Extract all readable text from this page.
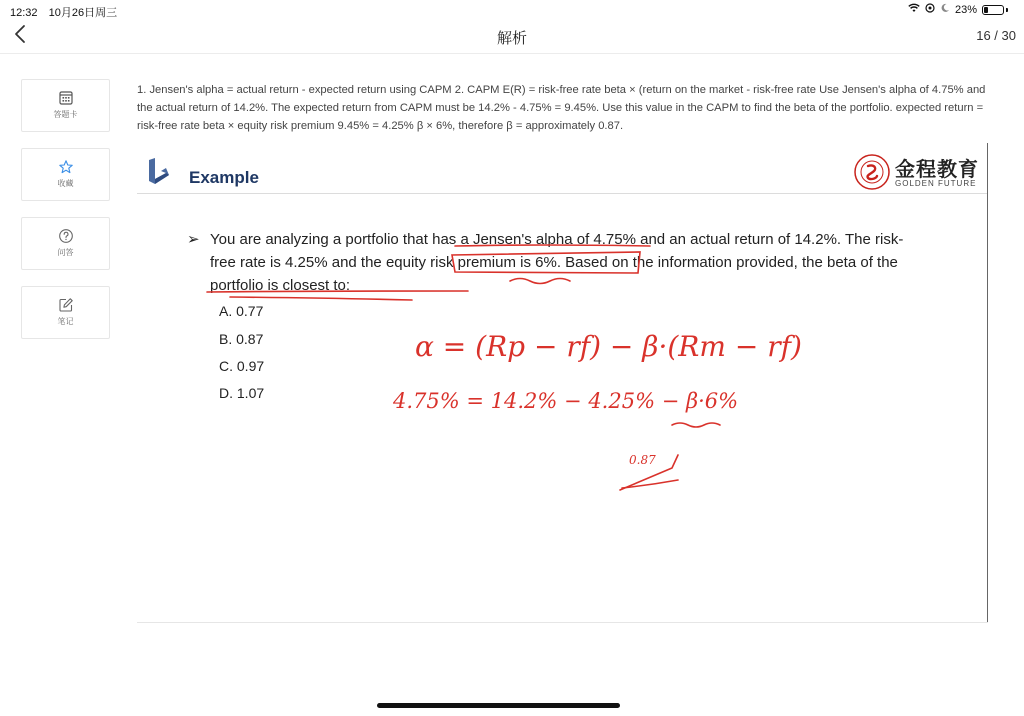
12:32 10月26日周三	23%
解析	16 / 30
答题卡
收藏
问答
笔记
1. Jensen's alpha = actual return - expected return using CAPM 2. CAPM E(R) = risk-free rate beta × (return on the market - risk-free rate Use Jensen's alpha of 4.75% and the actual return of 14.2%. The expected return from CAPM must be 14.2% - 4.75% = 9.45%. Use this value in the CAPM to find the beta of the portfolio. expected return = risk-free rate beta × equity risk premium 9.45% = 4.25% β × 6%, therefore β = approximately 0.87.
Example	金程教育
GOLDEN FUTURE
➢ You are analyzing a portfolio that has a Jensen's alpha of 4.75% and an actual return of 14.2%. The risk-free rate is 4.25% and the equity risk premium is 6%. Based on the information provided, the beta of the portfolio is closest to:
A. 0.77
B. 0.87
C. 0.97
D. 1.07
α = (Rp − rf) − β·(Rm − rf)
4.75% = 14.2% − 4.25% − β·6%
0.87
